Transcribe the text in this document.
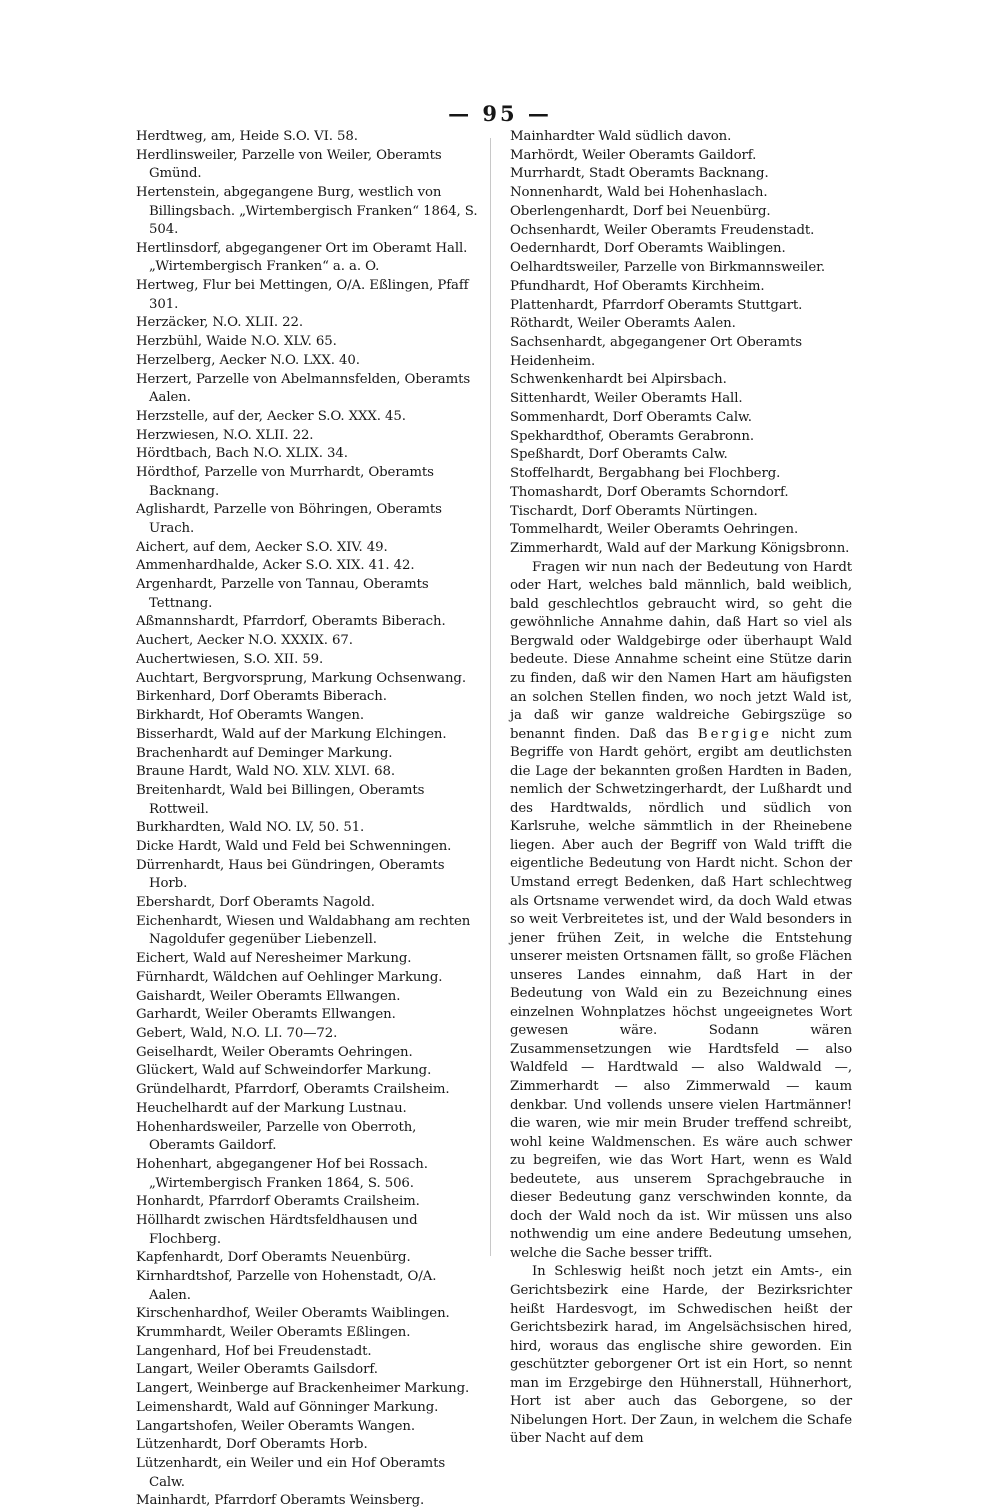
— 95 —
Herdtweg, am, Heide S.O. VI. 58.
Herdlinsweiler, Parzelle von Weiler, Oberamts Gmünd.
Hertenstein, abgegangene Burg, westlich von Billingsbach. „Wirtembergisch Franken“ 1864, S. 504.
Hertlinsdorf, abgegangener Ort im Oberamt Hall. „Wirtembergisch Franken“ a. a. O.
Hertweg, Flur bei Mettingen, O/A. Eßlingen, Pfaff 301.
Herzäcker, N.O. XLII. 22.
Herzbühl, Waide N.O. XLV. 65.
Herzelberg, Aecker N.O. LXX. 40.
Herzert, Parzelle von Abelmannsfelden, Oberamts Aalen.
Herzstelle, auf der, Aecker S.O. XXX. 45.
Herzwiesen, N.O. XLII. 22.
Hördtbach, Bach N.O. XLIX. 34.
Hördthof, Parzelle von Murrhardt, Oberamts Backnang.
Aglishardt, Parzelle von Böhringen, Oberamts Urach.
Aichert, auf dem, Aecker S.O. XIV. 49.
Ammenhardhalde, Acker S.O. XIX. 41. 42.
Argenhardt, Parzelle von Tannau, Oberamts Tettnang.
Aßmannshardt, Pfarrdorf, Oberamts Biberach.
Auchert, Aecker N.O. XXXIX. 67.
Auchertwiesen, S.O. XII. 59.
Auchtart, Bergvorsprung, Markung Ochsenwang.
Birkenhard, Dorf Oberamts Biberach.
Birkhardt, Hof Oberamts Wangen.
Bisserhardt, Wald auf der Markung Elchingen.
Brachenhardt auf Deminger Markung.
Braune Hardt, Wald NO. XLV. XLVI. 68.
Breitenhardt, Wald bei Billingen, Oberamts Rottweil.
Burkhardten, Wald NO. LV, 50. 51.
Dicke Hardt, Wald und Feld bei Schwenningen.
Dürrenhardt, Haus bei Gündringen, Oberamts Horb.
Ebershardt, Dorf Oberamts Nagold.
Eichenhardt, Wiesen und Waldabhang am rechten Nagoldufer gegenüber Liebenzell.
Eichert, Wald auf Neresheimer Markung.
Fürnhardt, Wäldchen auf Oehlinger Markung.
Gaishardt, Weiler Oberamts Ellwangen.
Garhardt, Weiler Oberamts Ellwangen.
Gebert, Wald, N.O. LI. 70—72.
Geiselhardt, Weiler Oberamts Oehringen.
Glückert, Wald auf Schweindorfer Markung.
Gründelhardt, Pfarrdorf, Oberamts Crailsheim.
Heuchelhardt auf der Markung Lustnau.
Hohenhardsweiler, Parzelle von Oberroth, Oberamts Gaildorf.
Hohenhart, abgegangener Hof bei Rossach. „Wirtembergisch Franken 1864, S. 506.
Honhardt, Pfarrdorf Oberamts Crailsheim.
Höllhardt zwischen Härdtsfeldhausen und Flochberg.
Kapfenhardt, Dorf Oberamts Neuenbürg.
Kirnhardtshof, Parzelle von Hohenstadt, O/A. Aalen.
Kirschenhardhof, Weiler Oberamts Waiblingen.
Krummhardt, Weiler Oberamts Eßlingen.
Langenhard, Hof bei Freudenstadt.
Langart, Weiler Oberamts Gailsdorf.
Langert, Weinberge auf Brackenheimer Markung.
Leimenshardt, Wald auf Gönninger Markung.
Langartshofen, Weiler Oberamts Wangen.
Lützenhardt, Dorf Oberamts Horb.
Lützenhardt, ein Weiler und ein Hof Oberamts Calw.
Mainhardt, Pfarrdorf Oberamts Weinsberg.
Mainhardter Wald südlich davon.
Marhördt, Weiler Oberamts Gaildorf.
Murrhardt, Stadt Oberamts Backnang.
Nonnenhardt, Wald bei Hohenhaslach.
Oberlengenhardt, Dorf bei Neuenbürg.
Ochsenhardt, Weiler Oberamts Freudenstadt.
Oedernhardt, Dorf Oberamts Waiblingen.
Oelhardtsweiler, Parzelle von Birkmannsweiler.
Pfundhardt, Hof Oberamts Kirchheim.
Plattenhardt, Pfarrdorf Oberamts Stuttgart.
Röthardt, Weiler Oberamts Aalen.
Sachsenhardt, abgegangener Ort Oberamts Heidenheim.
Schwenkenhardt bei Alpirsbach.
Sittenhardt, Weiler Oberamts Hall.
Sommenhardt, Dorf Oberamts Calw.
Spekhardthof, Oberamts Gerabronn.
Speßhardt, Dorf Oberamts Calw.
Stoffelhardt, Bergabhang bei Flochberg.
Thomashardt, Dorf Oberamts Schorndorf.
Tischardt, Dorf Oberamts Nürtingen.
Tommelhardt, Weiler Oberamts Oehringen.
Zimmerhardt, Wald auf der Markung Königsbronn.

Fragen wir nun nach der Bedeutung von Hardt oder Hart, welches bald männlich, bald weiblich, bald geschlechtlos gebraucht wird, so geht die gewöhnliche Annahme dahin, daß Hart so viel als Bergwald oder Waldgebirge oder überhaupt Wald bedeute. Diese Annahme scheint eine Stütze darin zu finden, daß wir den Namen Hart am häufigsten an solchen Stellen finden, wo noch jetzt Wald ist, ja daß wir ganze waldreiche Gebirgszüge so benannt finden. Daß das Bergige nicht zum Begriffe von Hardt gehört, ergibt am deutlichsten die Lage der bekannten großen Hardten in Baden, nemlich der Schwetzingerhardt, der Lußhardt und des Hardtwalds, nördlich und südlich von Karlsruhe, welche sämmtlich in der Rheinebene liegen. Aber auch der Begriff von Wald trifft die eigentliche Bedeutung von Hardt nicht. Schon der Umstand erregt Bedenken, daß Hart schlechtweg als Ortsname verwendet wird, da doch Wald etwas so weit Verbreitetes ist, und der Wald besonders in jener frühen Zeit, in welche die Entstehung unserer meisten Ortsnamen fällt, so große Flächen unseres Landes einnahm, daß Hart in der Bedeutung von Wald ein zu Bezeichnung eines einzelnen Wohnplatzes höchst ungeeignetes Wort gewesen wäre. Sodann wären Zusammensetzungen wie Hardtsfeld — also Waldfeld — Hardtwald — also Waldwald —, Zimmerhardt — also Zimmerwald — kaum denkbar. Und vollends unsere vielen Hartmänner! die waren, wie mir mein Bruder treffend schreibt, wohl keine Waldmenschen. Es wäre auch schwer zu begreifen, wie das Wort Hart, wenn es Wald bedeutete, aus unserem Sprachgebrauche in dieser Bedeutung ganz verschwinden konnte, da doch der Wald noch da ist. Wir müssen uns also nothwendig um eine andere Bedeutung umsehen, welche die Sache besser trifft.

In Schleswig heißt noch jetzt ein Amts-, ein Gerichtsbezirk eine Harde, der Bezirksrichter heißt Hardesvogt, im Schwedischen heißt der Gerichtsbezirk harad, im Angelsächsischen hired, hird, woraus das englische shire geworden. Ein geschützter geborgener Ort ist ein Hort, so nennt man im Erzgebirge den Hühnerstall, Hühnerhort, Hort ist aber auch das Geborgene, so der Nibelungen Hort. Der Zaun, in welchem die Schafe über Nacht auf dem
